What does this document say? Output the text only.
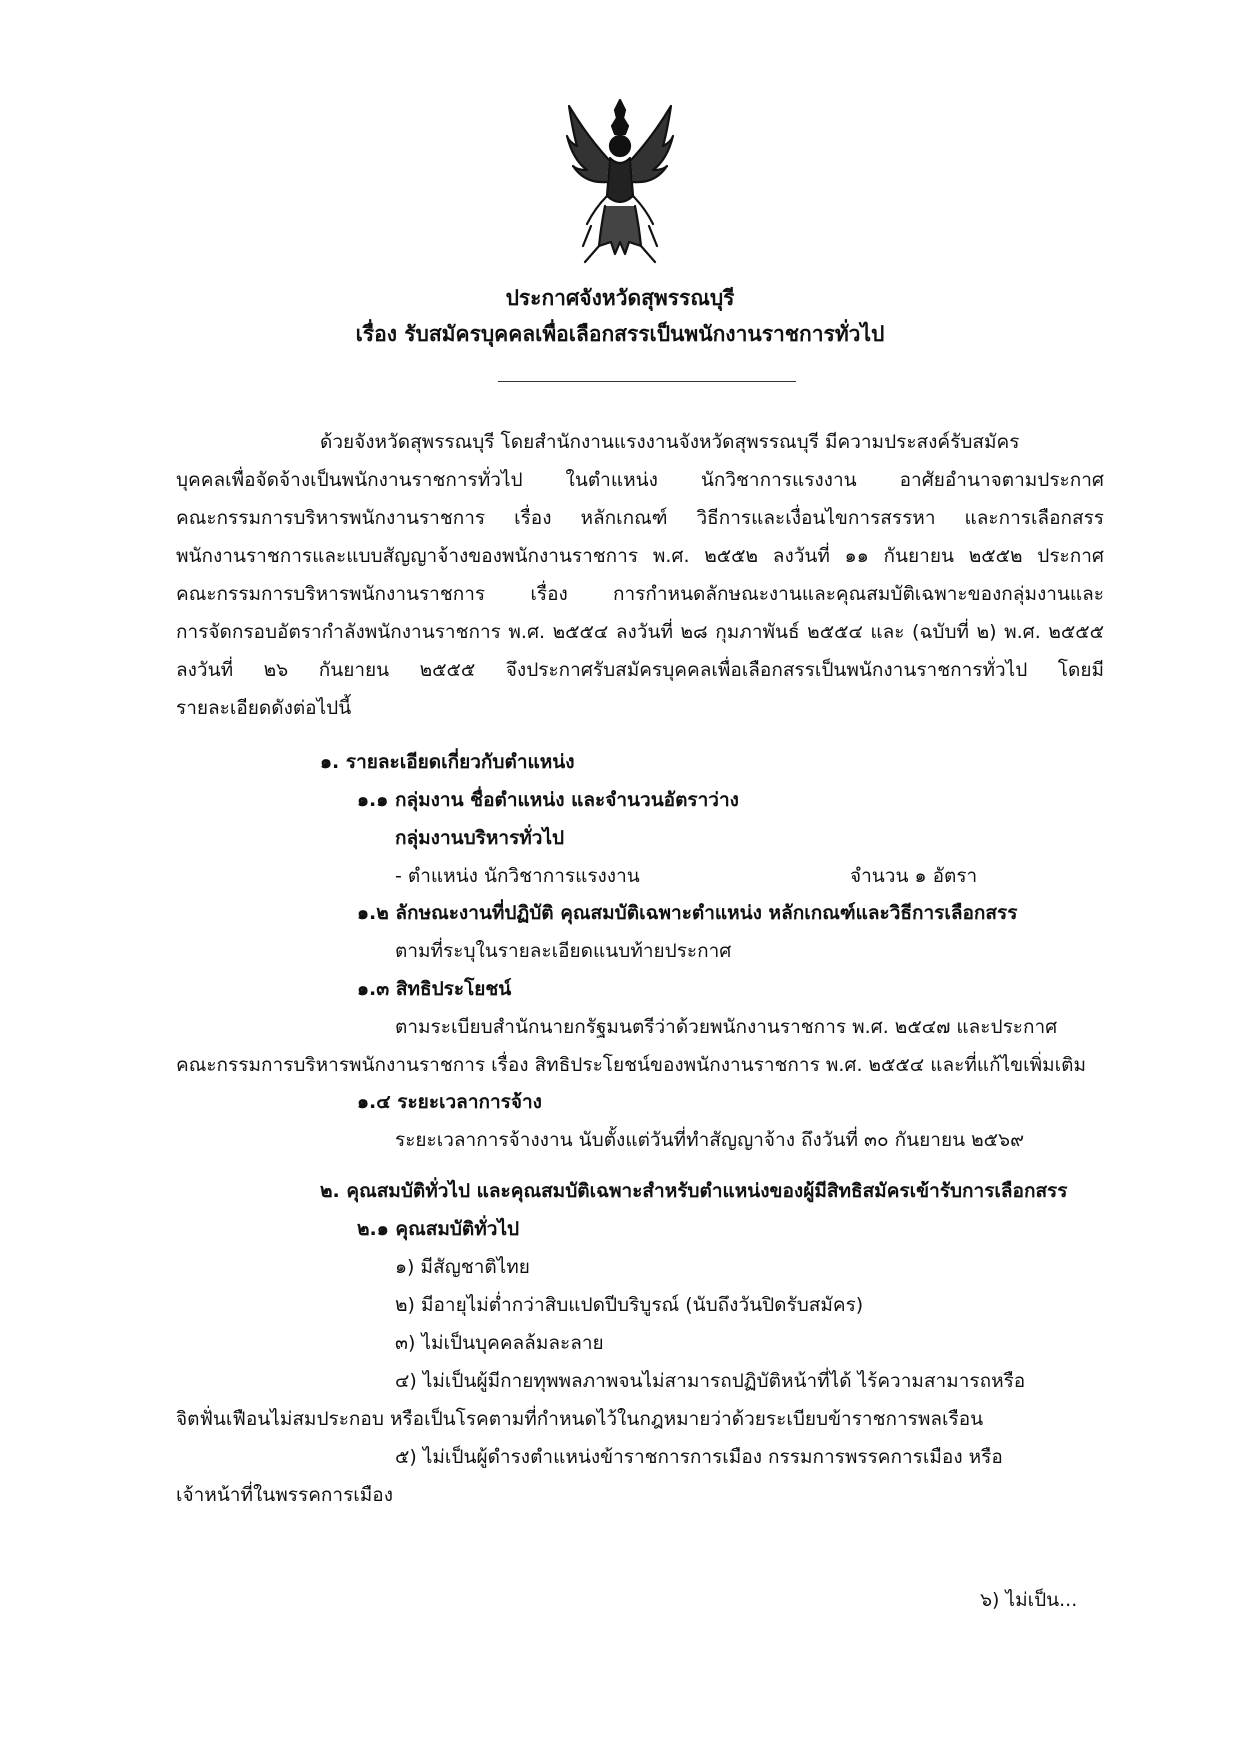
ประกาศจังหวัดสุพรรณบุรี
เรื่อง รับสมัครบุคคลเพื่อเลือกสรรเป็นพนักงานราชการทั่วไป
ด้วยจังหวัดสุพรรณบุรี โดยสำนักงานแรงงานจังหวัดสุพรรณบุรี มีความประสงค์รับสมัคร
บุคคลเพื่อจัดจ้างเป็นพนักงานราชการทั่วไป ในตำแหน่ง นักวิชาการแรงงาน อาศัยอำนาจตามประกาศ
คณะกรรมการบริหารพนักงานราชการ เรื่อง หลักเกณฑ์ วิธีการและเงื่อนไขการสรรหา และการเลือกสรร
พนักงานราชการและแบบสัญญาจ้างของพนักงานราชการ พ.ศ. ๒๕๕๒ ลงวันที่ ๑๑ กันยายน ๒๕๕๒ ประกาศ
คณะกรรมการบริหารพนักงานราชการ เรื่อง การกำหนดลักษณะงานและคุณสมบัติเฉพาะของกลุ่มงานและ
การจัดกรอบอัตรากำลังพนักงานราชการ พ.ศ. ๒๕๕๔ ลงวันที่ ๒๘ กุมภาพันธ์ ๒๕๕๔ และ (ฉบับที่ ๒) พ.ศ. ๒๕๕๕
ลงวันที่ ๒๖ กันยายน ๒๕๕๕ จึงประกาศรับสมัครบุคคลเพื่อเลือกสรรเป็นพนักงานราชการทั่วไป โดยมี
รายละเอียดดังต่อไปนี้
๑. รายละเอียดเกี่ยวกับตำแหน่ง
๑.๑ กลุ่มงาน ชื่อตำแหน่ง และจำนวนอัตราว่าง
กลุ่มงานบริหารทั่วไป
- ตำแหน่ง นักวิชาการแรงงาน	จำนวน ๑ อัตรา
๑.๒ ลักษณะงานที่ปฏิบัติ คุณสมบัติเฉพาะตำแหน่ง หลักเกณฑ์และวิธีการเลือกสรร
ตามที่ระบุในรายละเอียดแนบท้ายประกาศ
๑.๓ สิทธิประโยชน์
ตามระเบียบสำนักนายกรัฐมนตรีว่าด้วยพนักงานราชการ พ.ศ. ๒๕๔๗ และประกาศ
คณะกรรมการบริหารพนักงานราชการ เรื่อง สิทธิประโยชน์ของพนักงานราชการ พ.ศ. ๒๕๕๔ และที่แก้ไขเพิ่มเติม
๑.๔ ระยะเวลาการจ้าง
ระยะเวลาการจ้างงาน นับตั้งแต่วันที่ทำสัญญาจ้าง ถึงวันที่ ๓๐ กันยายน ๒๕๖๙
๒. คุณสมบัติทั่วไป และคุณสมบัติเฉพาะสำหรับตำแหน่งของผู้มีสิทธิสมัครเข้ารับการเลือกสรร
๒.๑ คุณสมบัติทั่วไป
๑) มีสัญชาติไทย
๒) มีอายุไม่ต่ำกว่าสิบแปดปีบริบูรณ์ (นับถึงวันปิดรับสมัคร)
๓) ไม่เป็นบุคคลล้มละลาย
๔) ไม่เป็นผู้มีกายทุพพลภาพจนไม่สามารถปฏิบัติหน้าที่ได้ ไร้ความสามารถหรือ
จิตฟั่นเฟือนไม่สมประกอบ หรือเป็นโรคตามที่กำหนดไว้ในกฎหมายว่าด้วยระเบียบข้าราชการพลเรือน
๕) ไม่เป็นผู้ดำรงตำแหน่งข้าราชการการเมือง กรรมการพรรคการเมือง หรือ
เจ้าหน้าที่ในพรรคการเมือง
๖) ไม่เป็น...
